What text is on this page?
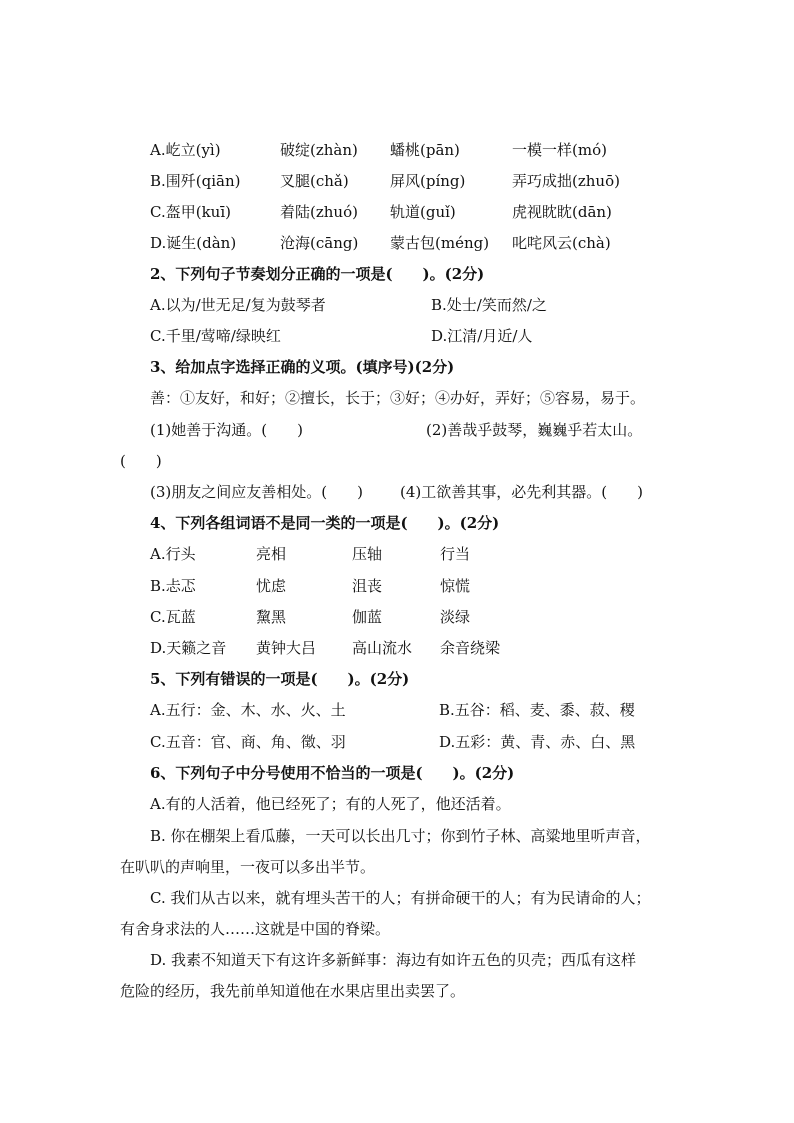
A.屹立(yì)	破绽(zhàn) 蟠桃(pān)	一模一样(mó)
B.围歼(qiān)	叉腿(chǎ)	屏风(píng)	弄巧成拙(zhuō)
C.盔甲(kuī)	着陆(zhuó) 轨道(guǐ)	虎视眈眈(dān)
D.诞生(dàn)	沧海(cāng) 蒙古包(méng) 叱咤风云(chà)
2、下列句子节奏划分正确的一项是(　　)。(2分)
A.以为/世无足/复为鼓琴者	B.处士/笑而然/之
C.千里/莺啼/绿映红	D.江清/月近/人
3、给加点字选择正确的义项。(填序号)(2分)
善：①友好，和好；②擅长，长于；③好；④办好，弄好；⑤容易，易于。
(1)她善于沟通。(　　)	(2)善哉乎鼓琴，巍巍乎若太山。
(　　)
(3)朋友之间应友善相处。(　　) (4)工欲善其事，必先利其器。(　　)
4、下列各组词语不是同一类的一项是(　　)。(2分)
A.行头	亮相	压轴	行当
B.忐忑	忧虑	沮丧	惊慌
C.瓦蓝	黧黑	伽蓝	淡绿
D.天籁之音 黄钟大吕 高山流水 余音绕梁
5、下列有错误的一项是(　　)。(2分)
A.五行：金、木、水、火、土	B.五谷：稻、麦、黍、菽、稷
C.五音：官、商、角、徵、羽	D.五彩：黄、青、赤、白、黑
6、下列句子中分号使用不恰当的一项是(　　)。(2分)
A.有的人活着，他已经死了；有的人死了，他还活着。
B. 你在棚架上看瓜藤，一天可以长出几寸；你到竹子林、高粱地里听声音，
在叭叭的声响里，一夜可以多出半节。
C. 我们从古以来，就有埋头苦干的人；有拼命硬干的人；有为民请命的人；
有舍身求法的人……这就是中国的脊梁。
D. 我素不知道天下有这许多新鲜事：海边有如许五色的贝壳；西瓜有这样
危险的经历，我先前单知道他在水果店里出卖罢了。
